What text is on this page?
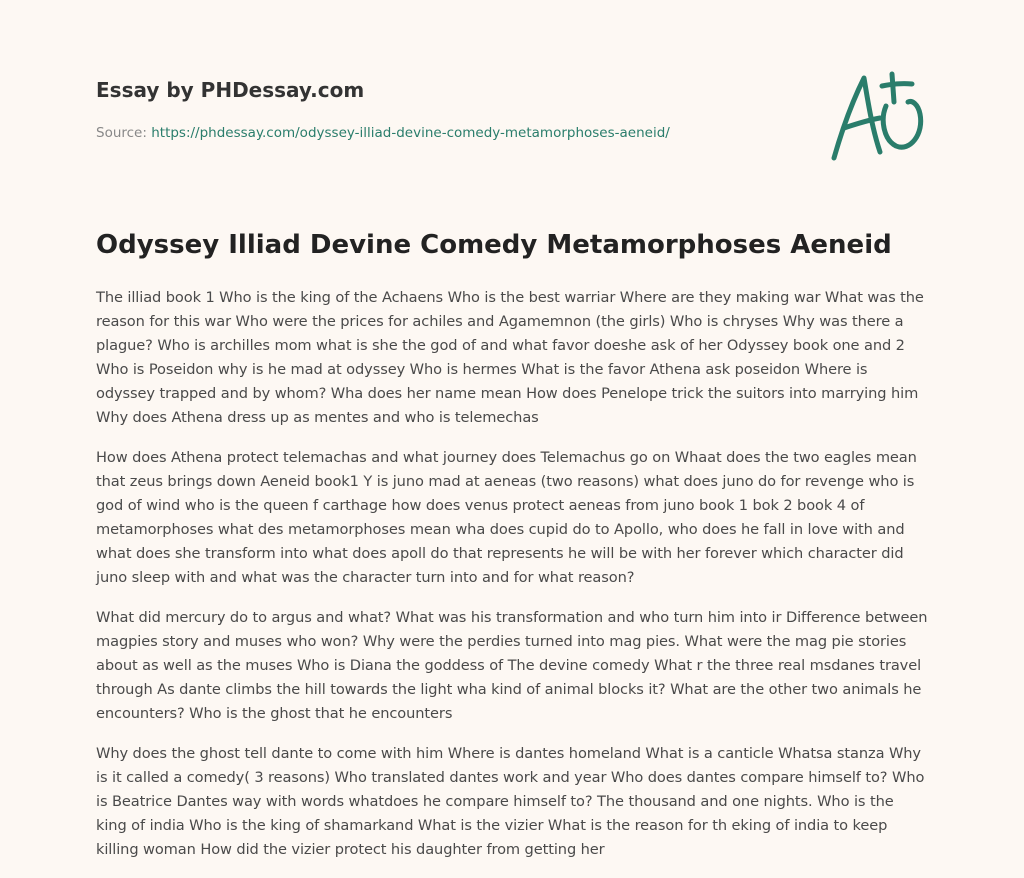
Essay by PHDessay.com
Source: https://phdessay.com/odyssey-illiad-devine-comedy-metamorphoses-aeneid/
Odyssey Illiad Devine Comedy Metamorphoses Aeneid

The illiad book 1 Who is the king of the Achaens Who is the best warriar Where are they making war What was the reason for this war Who were the prices for achiles and Agamemnon (the girls) Who is chryses Why was there a plague? Who is archilles mom what is she the god of and what favor doeshe ask of her Odyssey book one and 2 Who is Poseidon why is he mad at odyssey Who is hermes What is the favor Athena ask poseidon Where is odyssey trapped and by whom? Wha does her name mean How does Penelope trick the suitors into marrying him Why does Athena dress up as mentes and who is telemechas

How does Athena protect telemachas and what journey does Telemachus go on Whaat does the two eagles mean that zeus brings down Aeneid book1 Y is juno mad at aeneas (two reasons) what does juno do for revenge who is god of wind who is the queen f carthage how does venus protect aeneas from juno book 1 bok 2 book 4 of metamorphoses what des metamorphoses mean wha does cupid do to Apollo, who does he fall in love with and what does she transform into what does apoll do that represents he will be with her forever which character did juno sleep with and what was the character turn into and for what reason?

What did mercury do to argus and what? What was his transformation and who turn him into ir Difference between magpies story and muses who won? Why were the perdies turned into mag pies. What were the mag pie stories about as well as the muses Who is Diana the goddess of The devine comedy What r the three real msdanes travel through As dante climbs the hill towards the light wha kind of animal blocks it? What are the other two animals he encounters? Who is the ghost that he encounters

Why does the ghost tell dante to come with him Where is dantes homeland What is a canticle Whatsa stanza Why is it called a comedy( 3 reasons) Who translated dantes work and year Who does dantes compare himself to? Who is Beatrice Dantes way with words whatdoes he compare himself to? The thousand and one nights. Who is the king of india Who is the king of shamarkand What is the vizier What is the reason for th eking of india to keep killing woman How did the vizier protect his daughter from getting her
